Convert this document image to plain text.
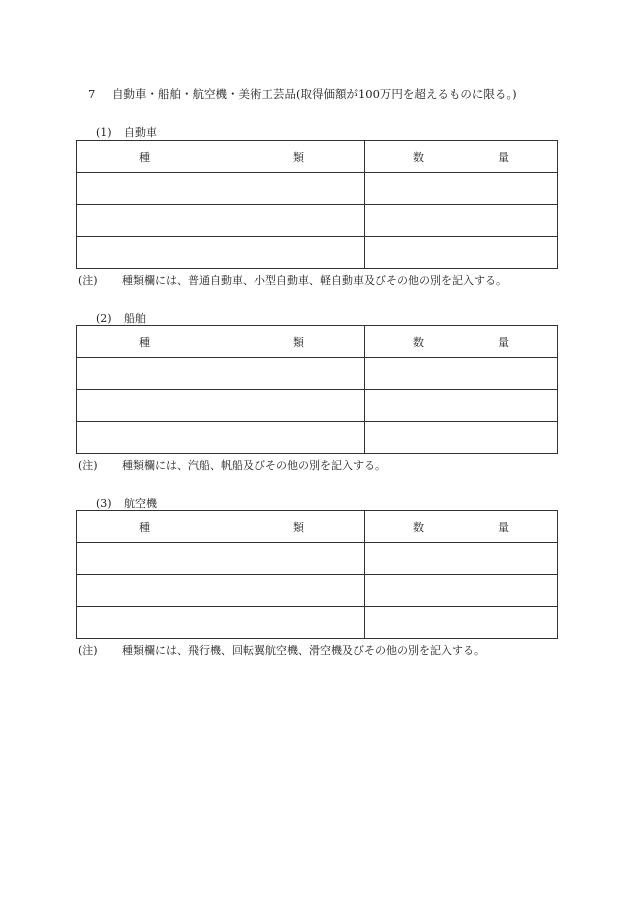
7 自動車・船舶・航空機・美術工芸品(取得価額が100万円を超えるものに限る。)
(1) 自動車
種 類	数 量

(注) 種類欄には、普通自動車、小型自動車、軽自動車及びその他の別を記入する。
(2) 船舶
種 類	数 量

(注) 種類欄には、汽船、帆船及びその他の別を記入する。
(3) 航空機
種 類	数 量

(注) 種類欄には、飛行機、回転翼航空機、滑空機及びその他の別を記入する。
